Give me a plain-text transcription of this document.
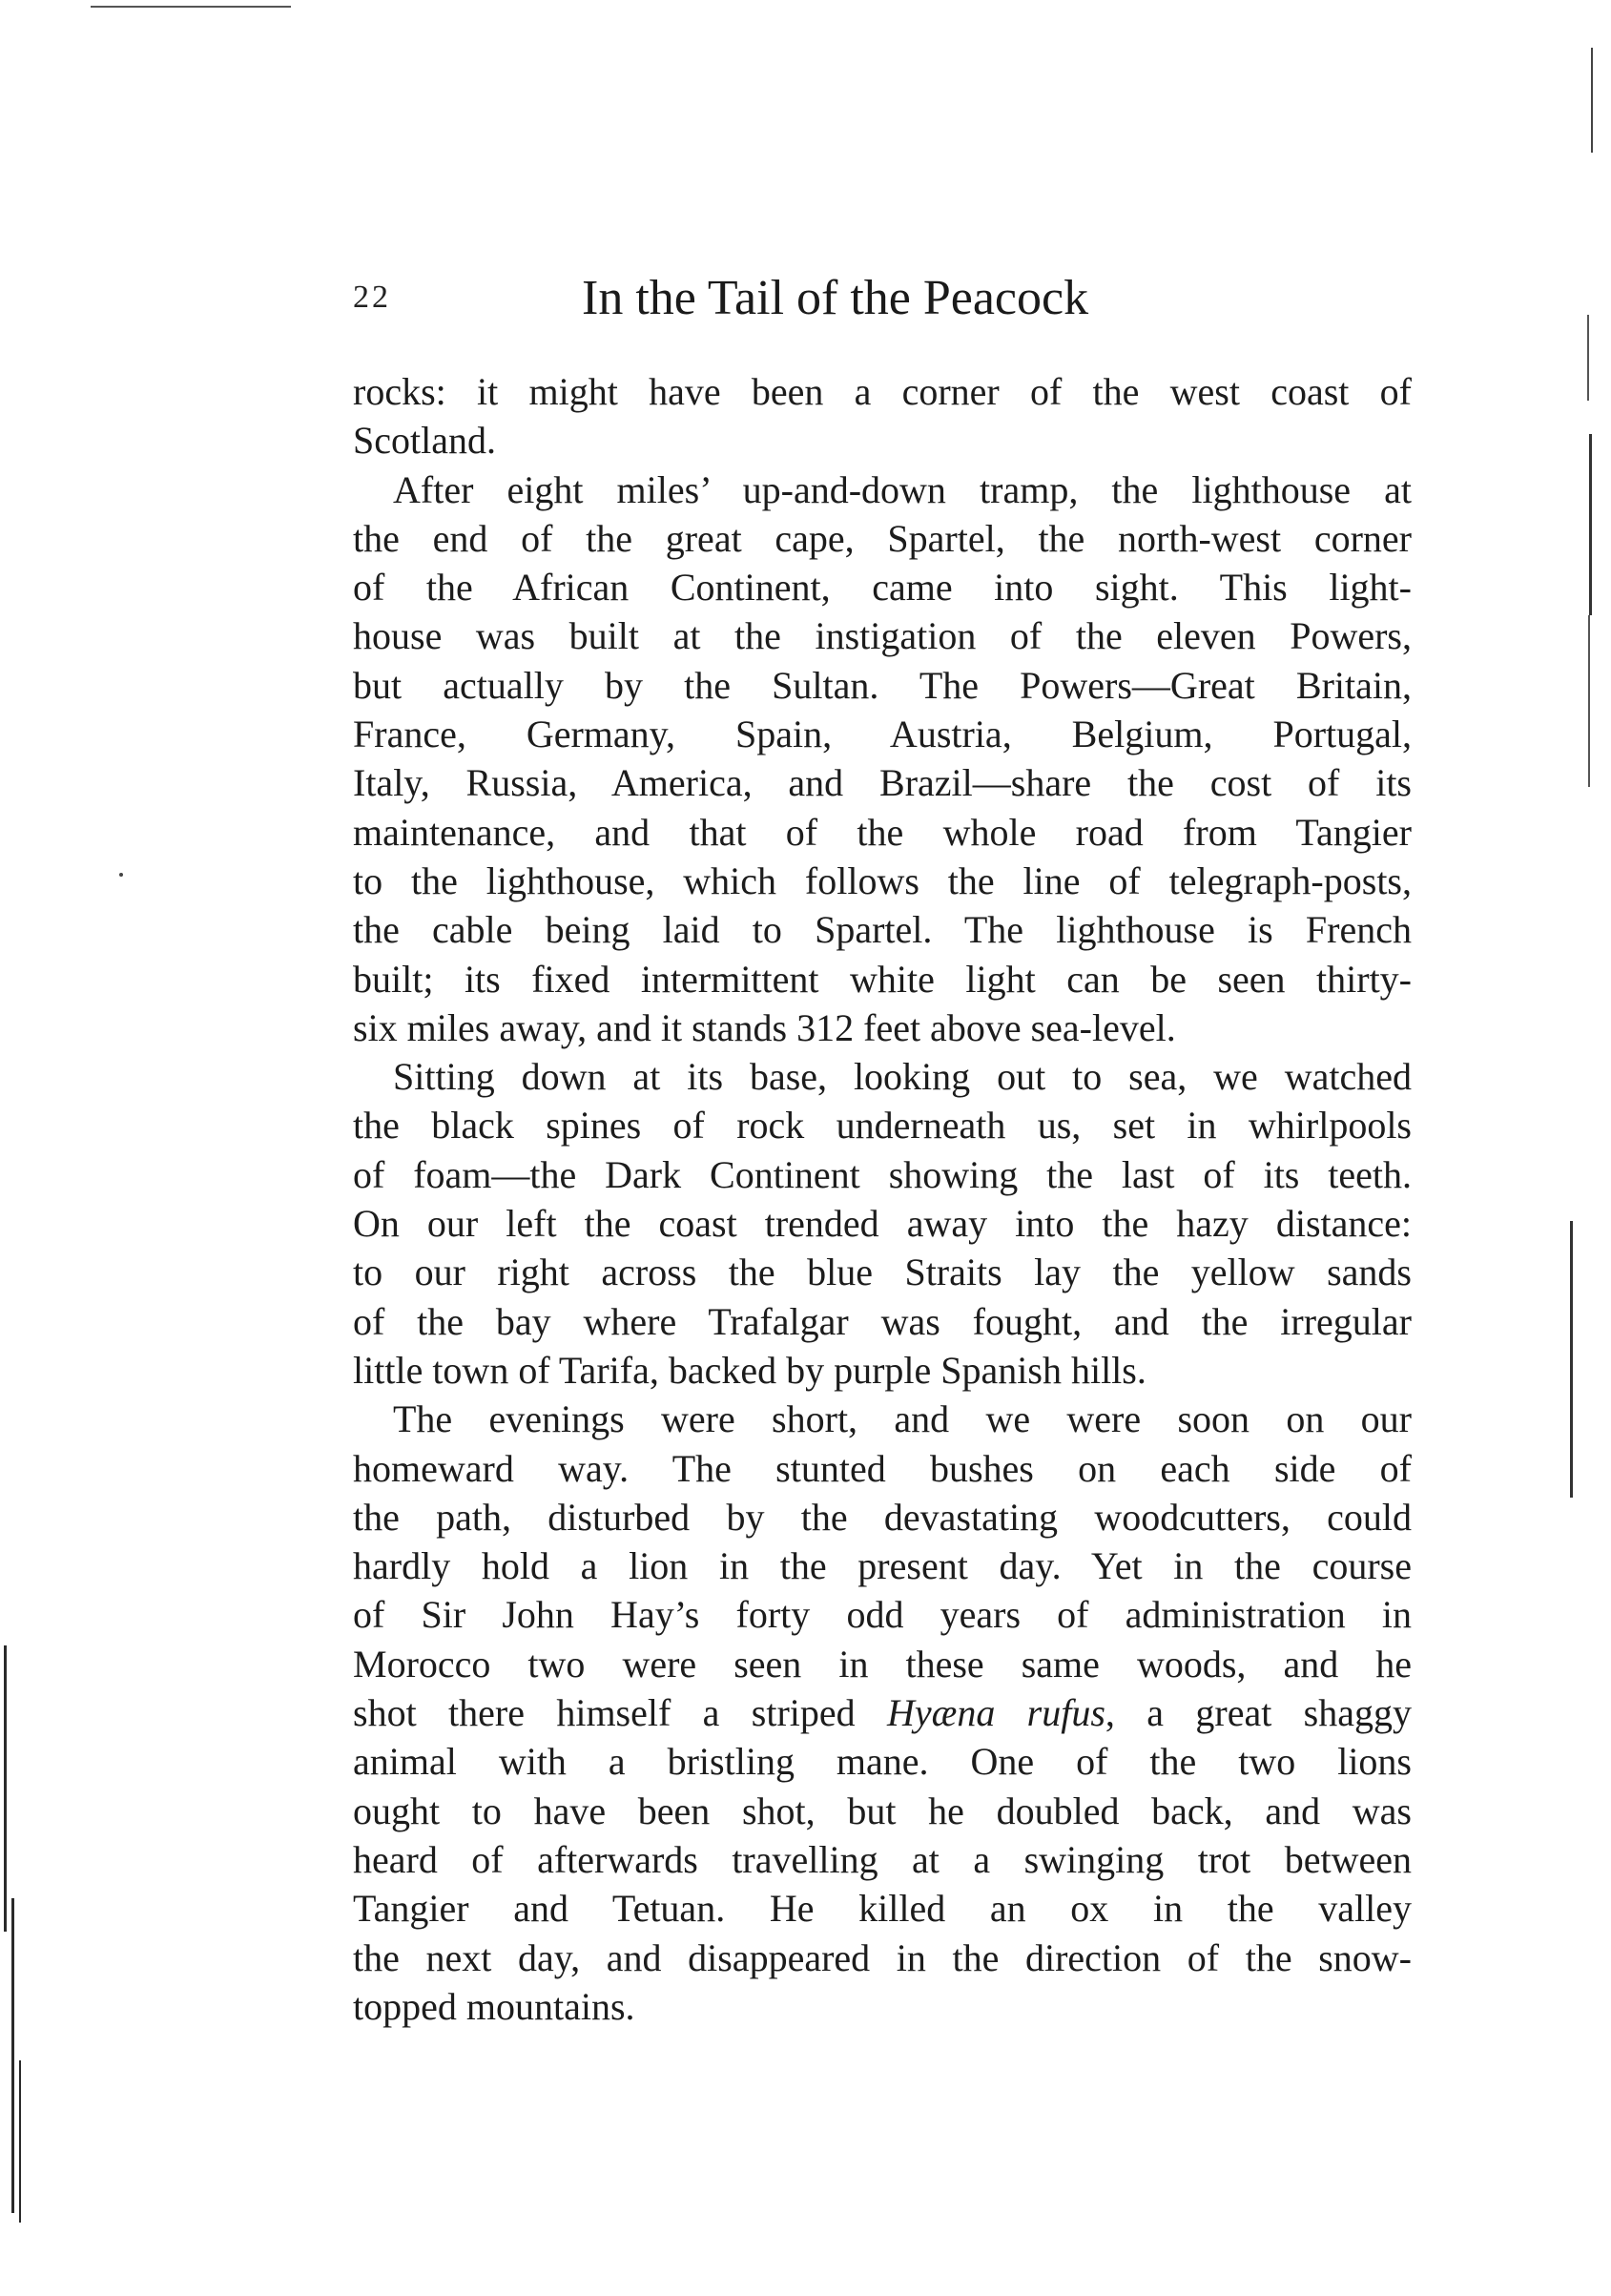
22	In the Tail of the Peacock
rocks: it might have been a corner of the west coast of
Scotland.
After eight miles’ up-and-down tramp, the lighthouse at
the end of the great cape, Spartel, the north-west corner
of the African Continent, came into sight. This light-
house was built at the instigation of the eleven Powers,
but actually by the Sultan. The Powers—Great Britain,
France, Germany, Spain, Austria, Belgium, Portugal,
Italy, Russia, America, and Brazil—share the cost of its
maintenance, and that of the whole road from Tangier
to the lighthouse, which follows the line of telegraph-posts,
the cable being laid to Spartel. The lighthouse is French
built; its fixed intermittent white light can be seen thirty-
six miles away, and it stands 312 feet above sea-level.
Sitting down at its base, looking out to sea, we watched
the black spines of rock underneath us, set in whirlpools
of foam—the Dark Continent showing the last of its teeth.
On our left the coast trended away into the hazy distance:
to our right across the blue Straits lay the yellow sands
of the bay where Trafalgar was fought, and the irregular
little town of Tarifa, backed by purple Spanish hills.
The evenings were short, and we were soon on our
homeward way. The stunted bushes on each side of
the path, disturbed by the devastating woodcutters, could
hardly hold a lion in the present day. Yet in the course
of Sir John Hay’s forty odd years of administration in
Morocco two were seen in these same woods, and he
shot there himself a striped Hyæna rufus, a great shaggy
animal with a bristling mane. One of the two lions
ought to have been shot, but he doubled back, and was
heard of afterwards travelling at a swinging trot between
Tangier and Tetuan. He killed an ox in the valley
the next day, and disappeared in the direction of the snow-
topped mountains.
